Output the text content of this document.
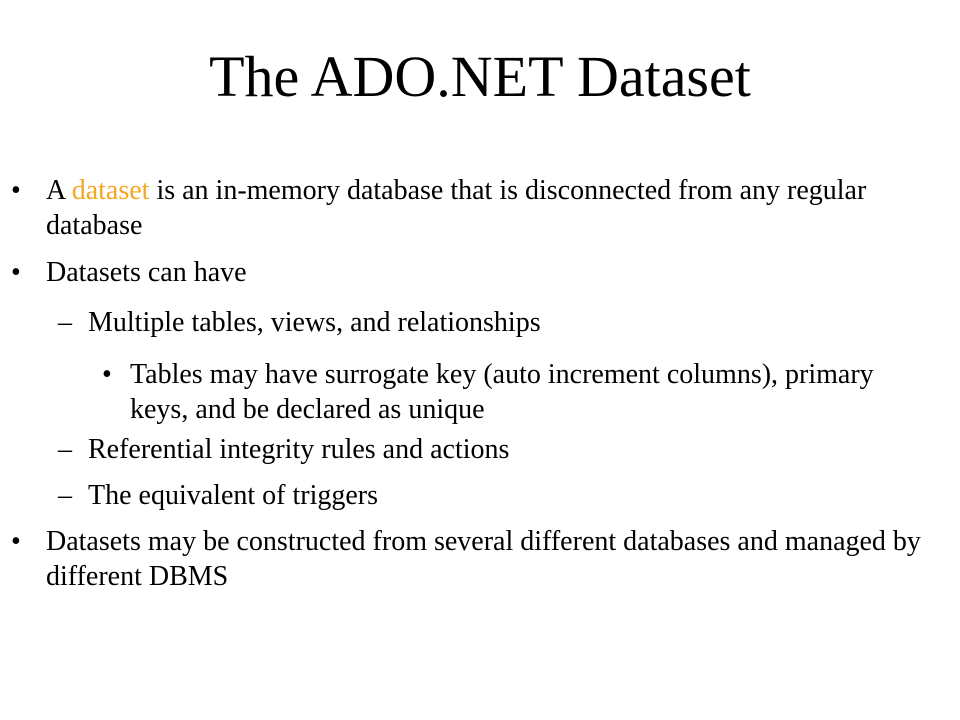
The ADO.NET Dataset
• A dataset is an in-memory database that is disconnected from any regular database
• Datasets can have
– Multiple tables, views, and relationships
• Tables may have surrogate key (auto increment columns), primary keys, and be declared as unique
– Referential integrity rules and actions
– The equivalent of triggers
• Datasets may be constructed from several different databases and managed by different DBMS
